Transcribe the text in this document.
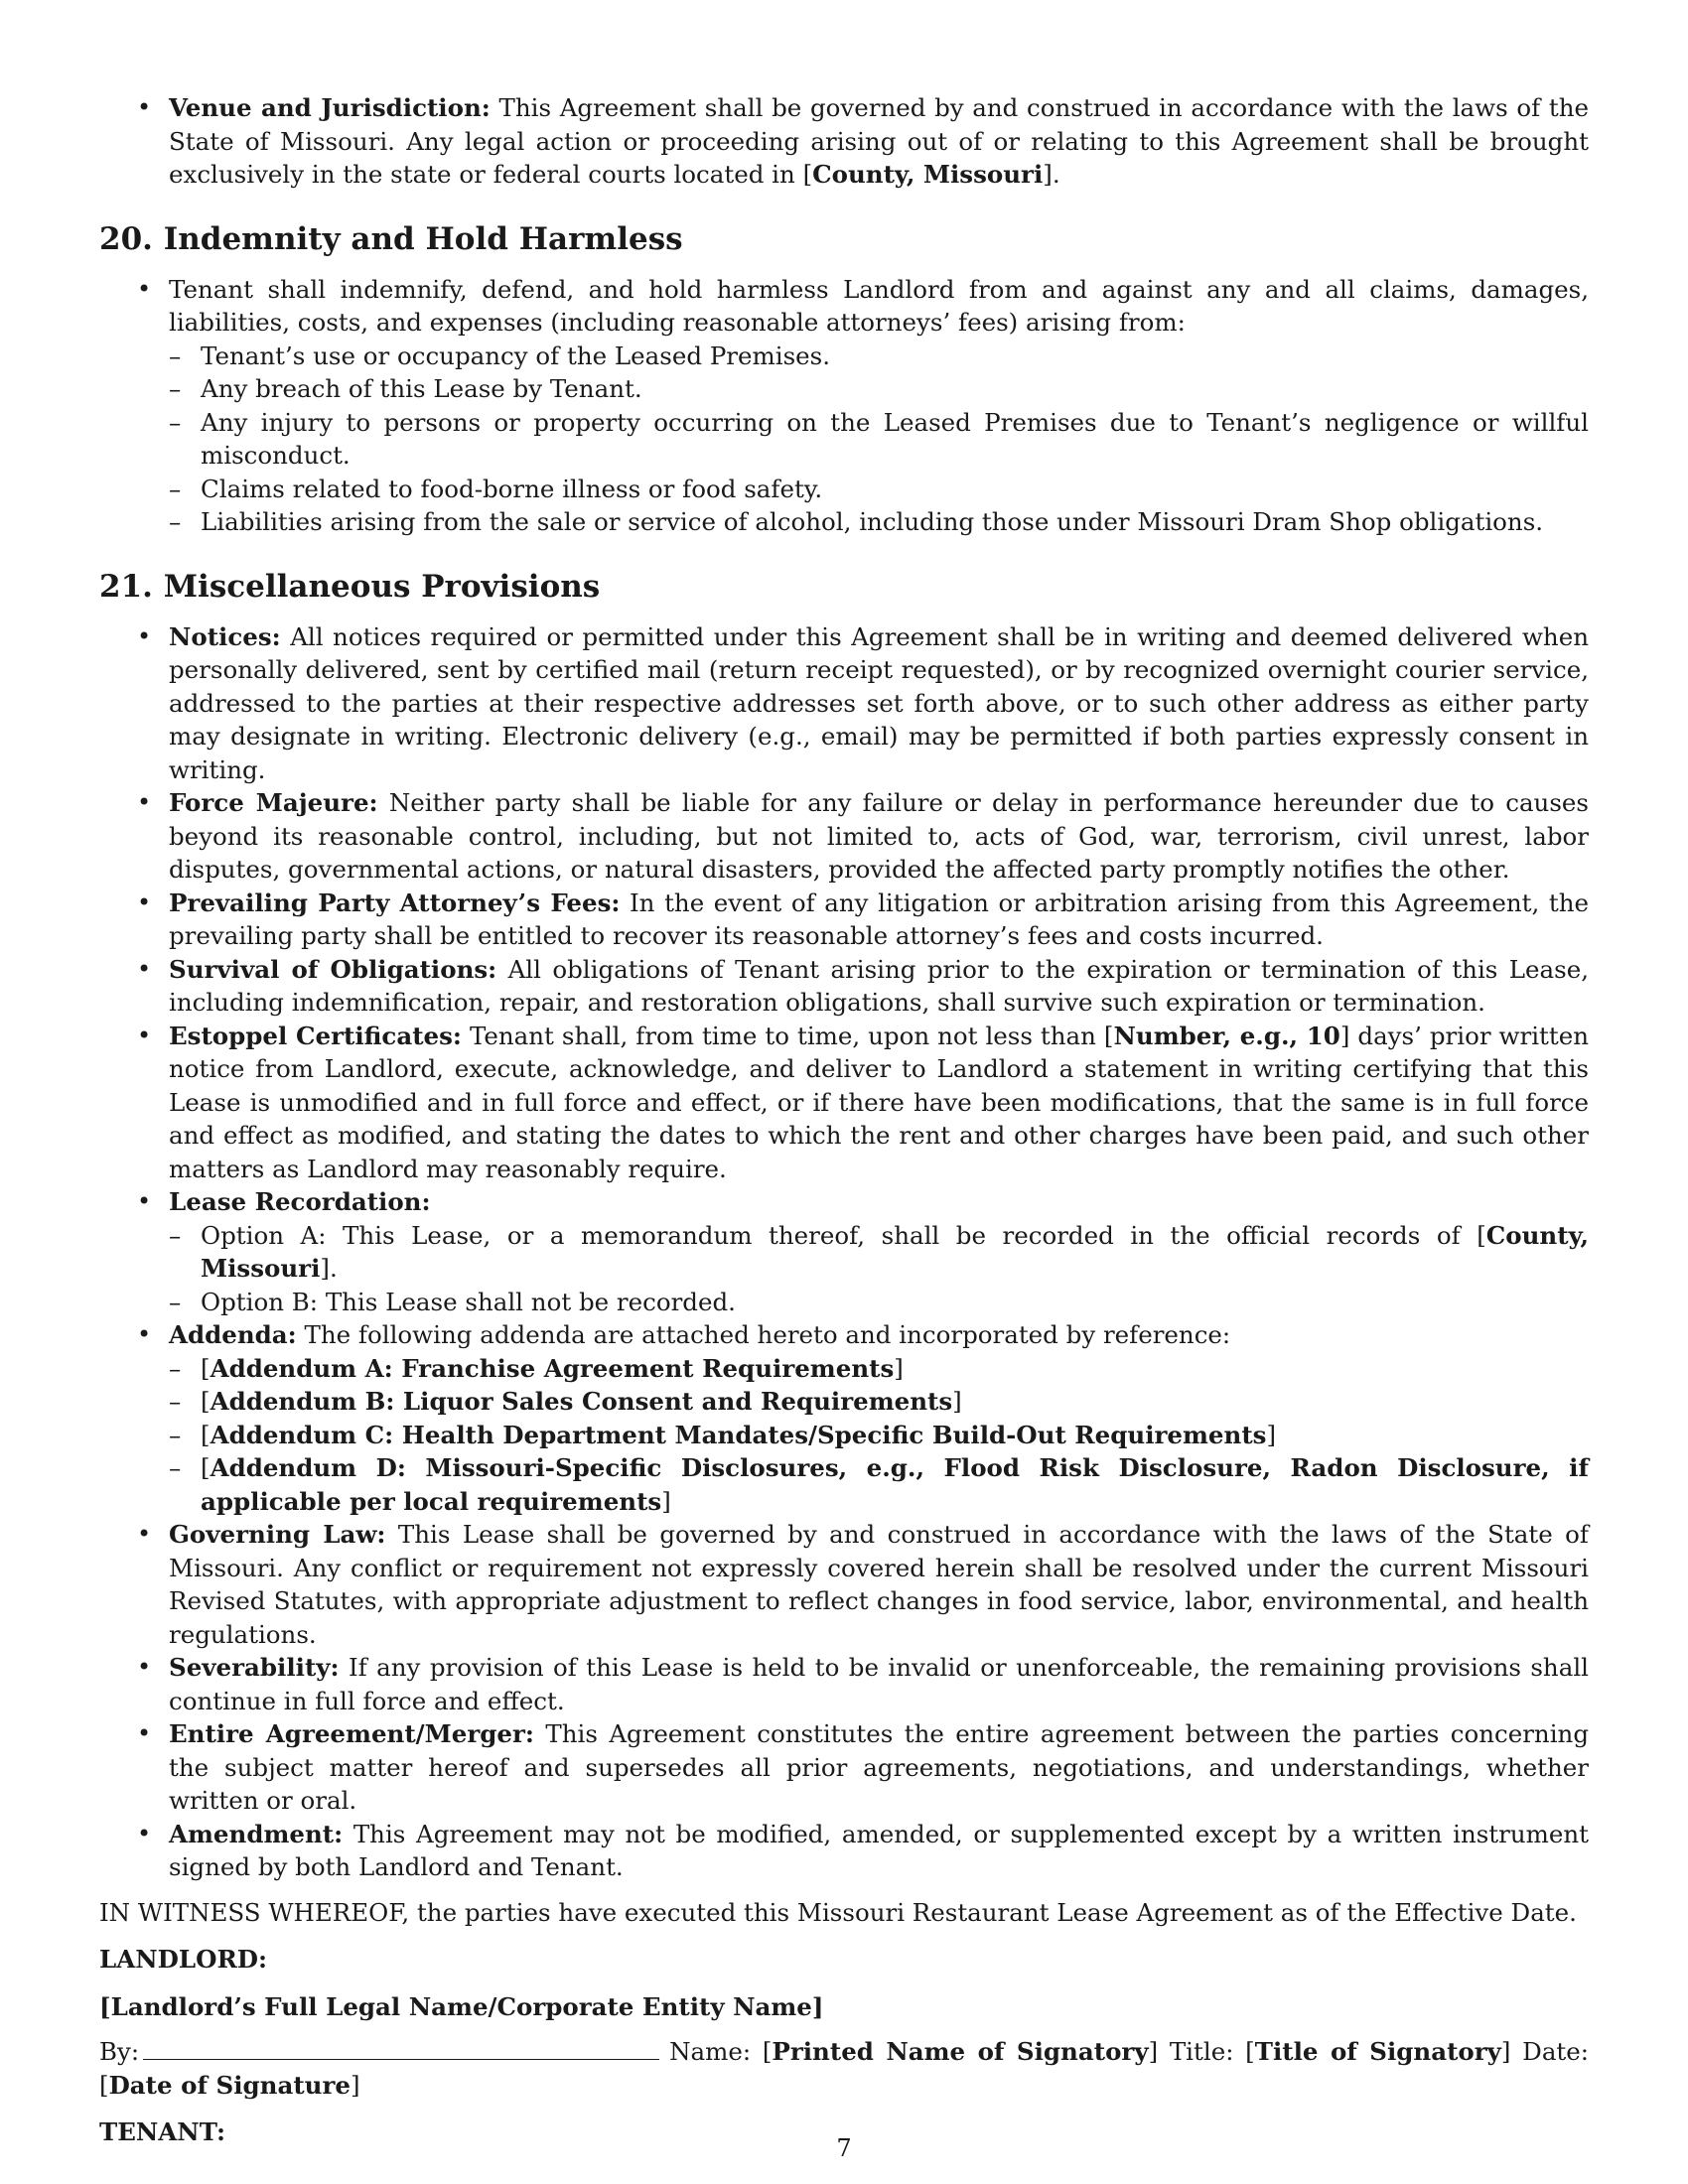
• Venue and Jurisdiction: This Agreement shall be governed by and construed in accordance with the laws of the State of Missouri. Any legal action or proceeding arising out of or relating to this Agreement shall be brought exclusively in the state or federal courts located in [County, Missouri].
20. Indemnity and Hold Harmless
• Tenant shall indemnify, defend, and hold harmless Landlord from and against any and all claims, damages, liabilities, costs, and expenses (including reasonable attorneys’ fees) arising from:
– Tenant’s use or occupancy of the Leased Premises.
– Any breach of this Lease by Tenant.
– Any injury to persons or property occurring on the Leased Premises due to Tenant’s negligence or willful misconduct.
– Claims related to food-borne illness or food safety.
– Liabilities arising from the sale or service of alcohol, including those under Missouri Dram Shop obligations.
21. Miscellaneous Provisions
• Notices: All notices required or permitted under this Agreement shall be in writing and deemed delivered when personally delivered, sent by certified mail (return receipt requested), or by recognized overnight courier service, addressed to the parties at their respective addresses set forth above, or to such other address as either party may designate in writing. Electronic delivery (e.g., email) may be permitted if both parties expressly consent in writing.
• Force Majeure: Neither party shall be liable for any failure or delay in performance hereunder due to causes beyond its reasonable control, including, but not limited to, acts of God, war, terrorism, civil unrest, labor disputes, governmental actions, or natural disasters, provided the affected party promptly notifies the other.
• Prevailing Party Attorney’s Fees: In the event of any litigation or arbitration arising from this Agreement, the prevailing party shall be entitled to recover its reasonable attorney’s fees and costs incurred.
• Survival of Obligations: All obligations of Tenant arising prior to the expiration or termination of this Lease, including indemnification, repair, and restoration obligations, shall survive such expiration or termination.
• Estoppel Certificates: Tenant shall, from time to time, upon not less than [Number, e.g., 10] days’ prior written notice from Landlord, execute, acknowledge, and deliver to Landlord a statement in writing certifying that this Lease is unmodified and in full force and effect, or if there have been modifications, that the same is in full force and effect as modified, and stating the dates to which the rent and other charges have been paid, and such other matters as Landlord may reasonably require.
• Lease Recordation:
– Option A: This Lease, or a memorandum thereof, shall be recorded in the official records of [County, Missouri].
– Option B: This Lease shall not be recorded.
• Addenda: The following addenda are attached hereto and incorporated by reference:
– [Addendum A: Franchise Agreement Requirements]
– [Addendum B: Liquor Sales Consent and Requirements]
– [Addendum C: Health Department Mandates/Specific Build-Out Requirements]
– [Addendum D: Missouri-Specific Disclosures, e.g., Flood Risk Disclosure, Radon Disclosure, if applicable per local requirements]
• Governing Law: This Lease shall be governed by and construed in accordance with the laws of the State of Missouri. Any conflict or requirement not expressly covered herein shall be resolved under the current Missouri Revised Statutes, with appropriate adjustment to reflect changes in food service, labor, environmental, and health regulations.
• Severability: If any provision of this Lease is held to be invalid or unenforceable, the remaining provisions shall continue in full force and effect.
• Entire Agreement/Merger: This Agreement constitutes the entire agreement between the parties concerning the subject matter hereof and supersedes all prior agreements, negotiations, and understandings, whether written or oral.
• Amendment: This Agreement may not be modified, amended, or supplemented except by a written instrument signed by both Landlord and Tenant.
IN WITNESS WHEREOF, the parties have executed this Missouri Restaurant Lease Agreement as of the Effective Date.
LANDLORD:
[Landlord’s Full Legal Name/Corporate Entity Name]
By:	Name: [Printed Name of Signatory] Title: [Title of Signatory] Date: [Date of Signature]
TENANT:
7
